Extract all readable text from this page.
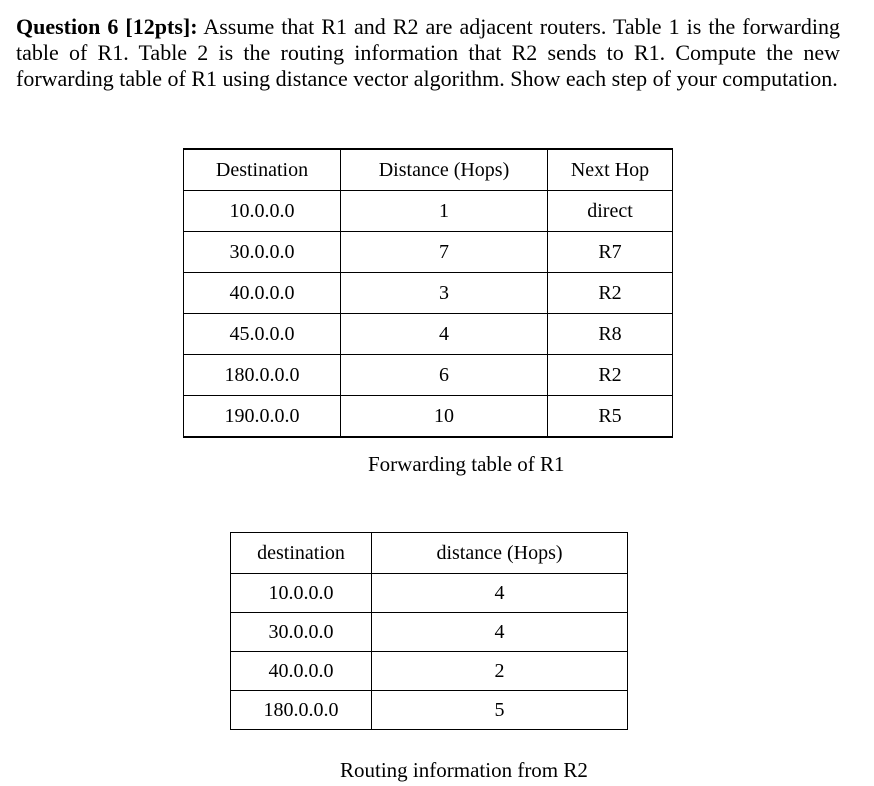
Question 6 [12pts]: Assume that R1 and R2 are adjacent routers. Table 1 is the forwarding table of R1. Table 2 is the routing information that R2 sends to R1. Compute the new forwarding table of R1 using distance vector algorithm. Show each step of your computation.

Destination	Distance (Hops)	Next Hop
10.0.0.0	1	direct
30.0.0.0	7	R7
40.0.0.0	3	R2
45.0.0.0	4	R8
180.0.0.0	6	R2
190.0.0.0	10	R5

Forwarding table of R1

destination	distance (Hops)
10.0.0.0	4
30.0.0.0	4
40.0.0.0	2
180.0.0.0	5

Routing information from R2
